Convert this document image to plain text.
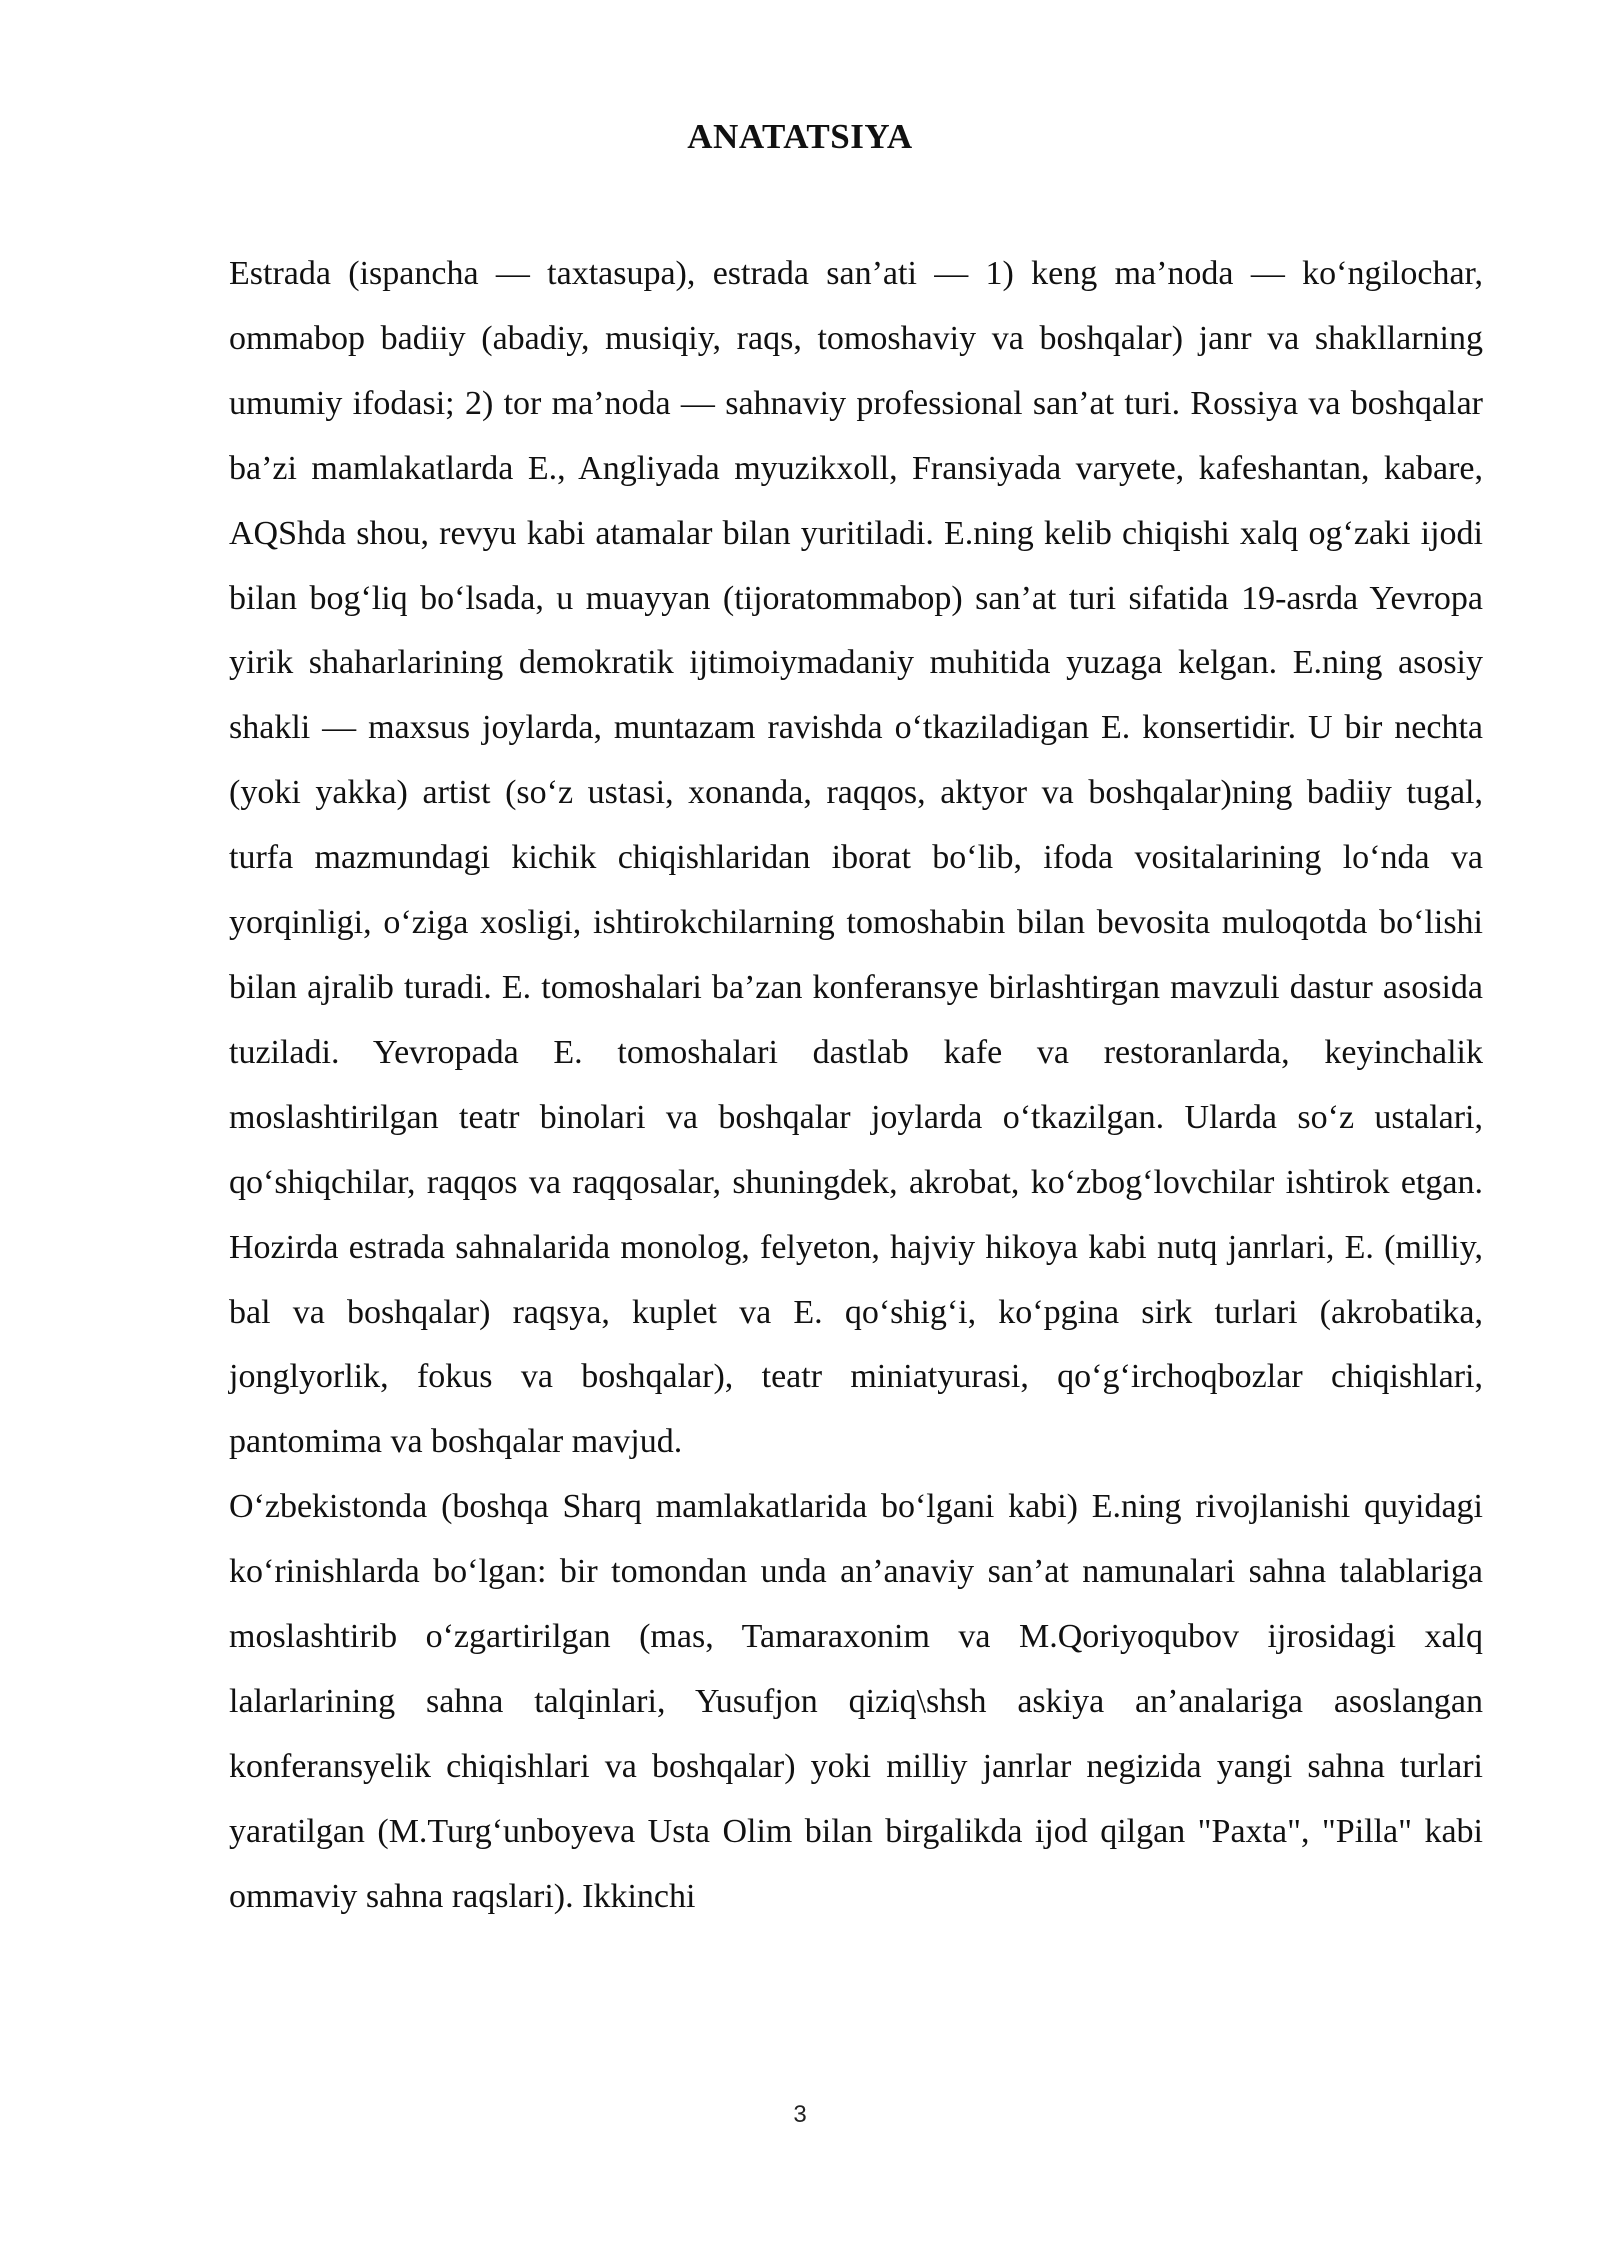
ANATATSIYA

Estrada (ispancha — taxtasupa), estrada san’ati — 1) keng ma’noda — ko‘ngilochar, ommabop badiiy (abadiy, musiqiy, raqs, tomoshaviy va boshqalar) janr va shakllarning umumiy ifodasi; 2) tor ma’noda — sahnaviy professional san’at turi. Rossiya va boshqalar ba’zi mamlakatlarda E., Angliyada myuzikxoll, Fransiyada varyete, kafeshantan, kabare, AQShda shou, revyu kabi atamalar bilan yuritiladi. E.ning kelib chiqishi xalq og‘zaki ijodi bilan bog‘liq bo‘lsada, u muayyan (tijoratommabop) san’at turi sifatida 19-asrda Yevropa yirik shaharlarining demokratik ijtimoiymadaniy muhitida yuzaga kelgan. E.ning asosiy shakli — maxsus joylarda, muntazam ravishda o‘tkaziladigan E. konsertidir. U bir nechta (yoki yakka) artist (so‘z ustasi, xonanda, raqqos, aktyor va boshqalar)ning badiiy tugal, turfa mazmundagi kichik chiqishlaridan iborat bo‘lib, ifoda vositalarining lo‘nda va yorqinligi, o‘ziga xosligi, ishtirokchilarning tomoshabin bilan bevosita muloqotda bo‘lishi bilan ajralib turadi. E. tomoshalari ba’zan konferansye birlashtirgan mavzuli dastur asosida tuziladi. Yevropada E. tomoshalari dastlab kafe va restoranlarda, keyinchalik moslashtirilgan teatr binolari va boshqalar joylarda o‘tkazilgan. Ularda so‘z ustalari, qo‘shiqchilar, raqqos va raqqosalar, shuningdek, akrobat, ko‘zbog‘lovchilar ishtirok etgan. Hozirda estrada sahnalarida monolog, felyeton, hajviy hikoya kabi nutq janrlari, E. (milliy, bal va boshqalar) raqsya, kuplet va E. qo‘shig‘i, ko‘pgina sirk turlari (akrobatika, jonglyorlik, fokus va boshqalar), teatr miniatyurasi, qo‘g‘irchoqbozlar chiqishlari, pantomima va boshqalar mavjud.

O‘zbekistonda (boshqa Sharq mamlakatlarida bo‘lgani kabi) E.ning rivojlanishi quyidagi ko‘rinishlarda bo‘lgan: bir tomondan unda an’anaviy san’at namunalari sahna talablariga moslashtirib o‘zgartirilgan (mas, Tamaraxonim va M.Qoriyoqubov ijrosidagi xalq lalarlarining sahna talqinlari, Yusufjon qiziq\shsh askiya an’analariga asoslangan konferansyelik chiqishlari va boshqalar) yoki milliy janrlar negizida yangi sahna turlari yaratilgan (M.Turg‘unboyeva Usta Olim bilan birgalikda ijod qilgan "Paxta", "Pilla" kabi ommaviy sahna raqslari). Ikkinchi

3
